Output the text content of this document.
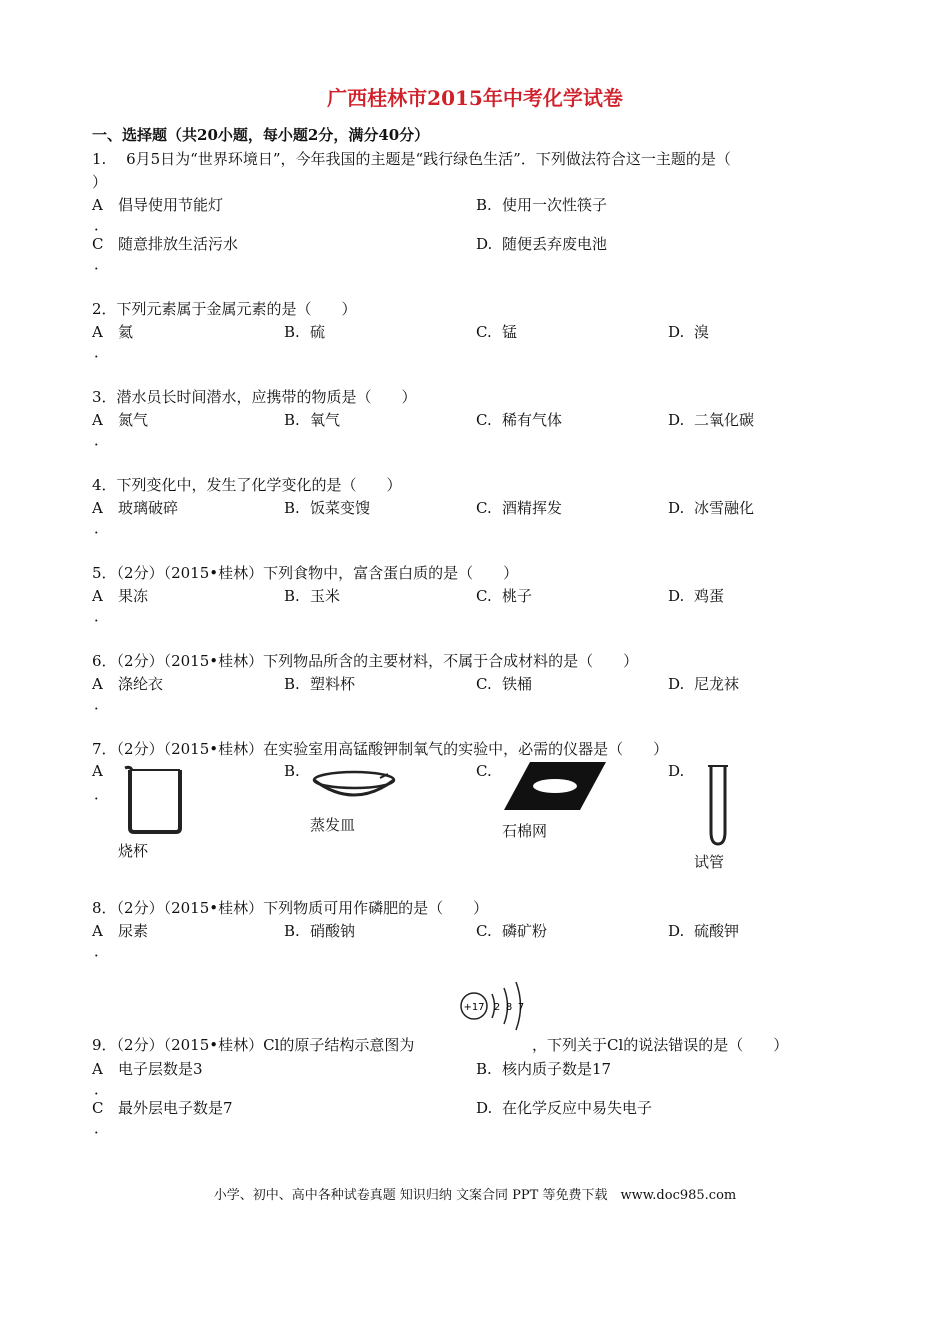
广西桂林市2015年中考化学试卷
一、选择题（共20小题，每小题2分，满分40分）
1.　 6月5日为“世界环境日”，今年我国的主题是“践行绿色生活”．下列做法符合这一主题的是（
）
A 倡导使用节能灯
．
B. 使用一次性筷子
C 随意排放生活污水
．
D. 随便丢弃废电池
2．下列元素属于金属元素的是（　　）
A 氦
．
B. 硫	C. 锰	D. 溴
3．潜水员长时间潜水，应携带的物质是（　　）
A 氮气
．
B. 氧气	C. 稀有气体	D. 二氧化碳
4．下列变化中，发生了化学变化的是（　　）
A 玻璃破碎
．
B. 饭菜变馊	C. 酒精挥发	D. 冰雪融化
5．（2分）（2015•桂林）下列食物中，富含蛋白质的是（　　）
A 果冻
．
B. 玉米	C. 桃子	D. 鸡蛋
6．（2分）（2015•桂林）下列物品所含的主要材料，不属于合成材料的是（　　）
A 涤纶衣
．
B. 塑料杯	C. 铁桶	D. 尼龙袜
7．（2分）（2015•桂林）在实验室用高锰酸钾制氧气的实验中，必需的仪器是（　　）
A
．
B.	C.	D.
烧杯
蒸发皿	石棉网
试管
8．（2分）（2015•桂林）下列物质可用作磷肥的是（　　）
A 尿素
．
B. 硝酸钠	C. 磷矿粉	D. 硫酸钾
9．（2分）（2015•桂林）Cl的原子结构示意图为
+17 2 8 7
，下列关于Cl的说法错误的是（　　）
A 电子层数是3
．
B. 核内质子数是17
C 最外层电子数是7
．
D. 在化学反应中易失电子
小学、初中、高中各种试卷真题 知识归纳 文案合同 PPT 等免费下载　www.doc985.com
